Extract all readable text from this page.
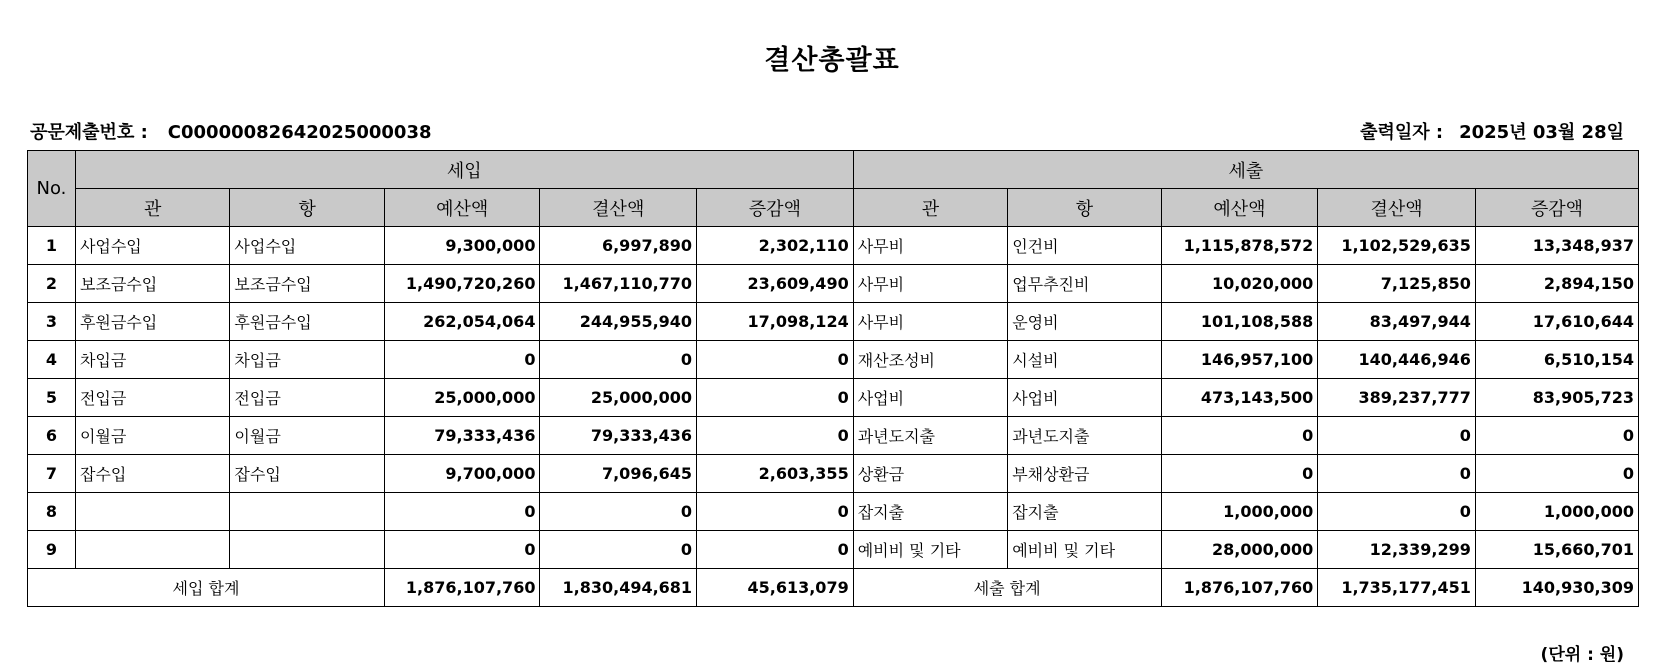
결산총괄표
공문제출번호 : C00000082642025000038	출력일자 : 2025년 03월 28일
No.	세입					세출				
	관	항	예산액	결산액	증감액	관	항	예산액	결산액	증감액
1	사업수입	사업수입	9,300,000	6,997,890	2,302,110	사무비	인건비	1,115,878,572	1,102,529,635	13,348,937
2	보조금수입	보조금수입	1,490,720,260	1,467,110,770	23,609,490	사무비	업무추진비	10,020,000	7,125,850	2,894,150
3	후원금수입	후원금수입	262,054,064	244,955,940	17,098,124	사무비	운영비	101,108,588	83,497,944	17,610,644
4	차입금	차입금	0	0	0	재산조성비	시설비	146,957,100	140,446,946	6,510,154
5	전입금	전입금	25,000,000	25,000,000	0	사업비	사업비	473,143,500	389,237,777	83,905,723
6	이월금	이월금	79,333,436	79,333,436	0	과년도지출	과년도지출	0	0	0
7	잡수입	잡수입	9,700,000	7,096,645	2,603,355	상환금	부채상환금	0	0	0
8			0	0	0	잡지출	잡지출	1,000,000	0	1,000,000
9			0	0	0	예비비 및 기타	예비비 및 기타	28,000,000	12,339,299	15,660,701
세입 합계			1,876,107,760	1,830,494,681	45,613,079	세출 합계		1,876,107,760	1,735,177,451	140,930,309
(단위 : 원)
